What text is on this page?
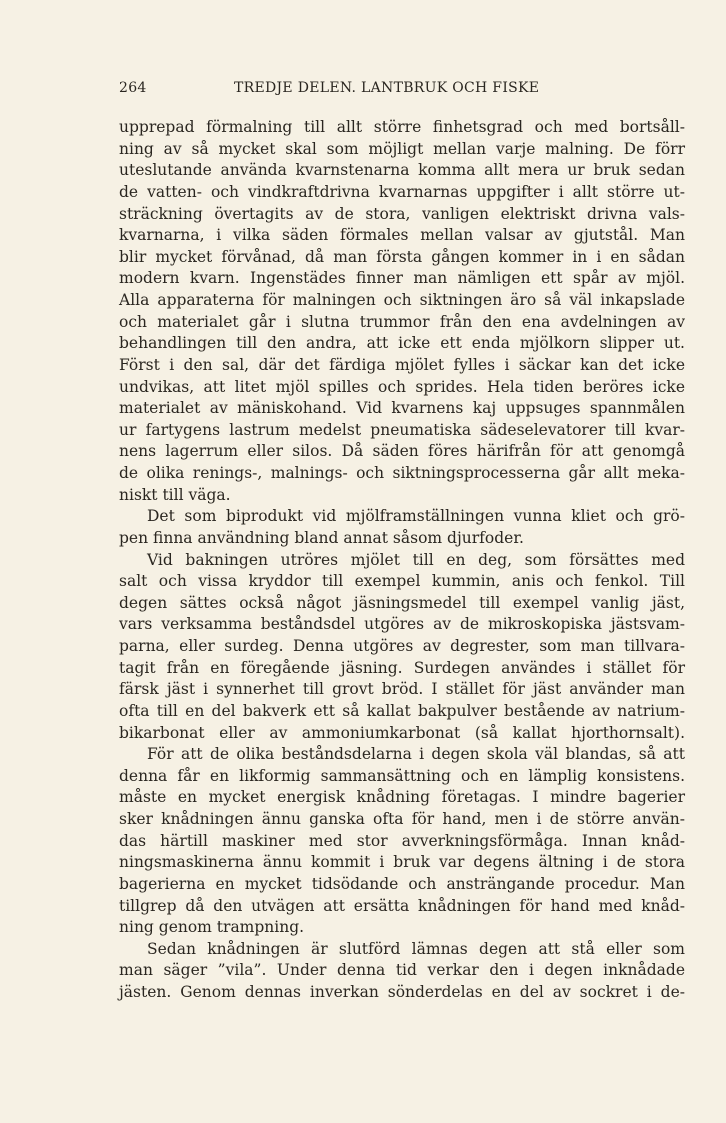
264	TREDJE DELEN. LANTBRUK OCH FISKE
upprepad förmalning till allt större finhetsgrad och med bortsåll-
ning av så mycket skal som möjligt mellan varje malning. De förr
uteslutande använda kvarnstenarna komma allt mera ur bruk sedan
de vatten- och vindkraftdrivna kvarnarnas uppgifter i allt större ut-
sträckning övertagits av de stora, vanligen elektriskt drivna vals-
kvarnarna, i vilka säden förmales mellan valsar av gjutstål. Man
blir mycket förvånad, då man första gången kommer in i en sådan
modern kvarn. Ingenstädes finner man nämligen ett spår av mjöl.
Alla apparaterna för malningen och siktningen äro så väl inkapslade
och materialet går i slutna trummor från den ena avdelningen av
behandlingen till den andra, att icke ett enda mjölkorn slipper ut.
Först i den sal, där det färdiga mjölet fylles i säckar kan det icke
undvikas, att litet mjöl spilles och sprides. Hela tiden beröres icke
materialet av mäniskohand. Vid kvarnens kaj uppsuges spannmålen
ur fartygens lastrum medelst pneumatiska sädeselevatorer till kvar-
nens lagerrum eller silos. Då säden föres härifrån för att genomgå
de olika renings-, malnings- och siktningsprocesserna går allt meka-
niskt till väga.
Det som biprodukt vid mjölframställningen vunna kliet och grö-
pen finna användning bland annat såsom djurfoder.
Vid bakningen utröres mjölet till en deg, som försättes med
salt och vissa kryddor till exempel kummin, anis och fenkol. Till
degen sättes också något jäsningsmedel till exempel vanlig jäst,
vars verksamma beståndsdel utgöres av de mikroskopiska jästsvam-
parna, eller surdeg. Denna utgöres av degrester, som man tillvara-
tagit från en föregående jäsning. Surdegen användes i stället för
färsk jäst i synnerhet till grovt bröd. I stället för jäst använder man
ofta till en del bakverk ett så kallat bakpulver bestående av natrium-
bikarbonat eller av ammoniumkarbonat (så kallat hjorthornsalt).
För att de olika beståndsdelarna i degen skola väl blandas, så att
denna får en likformig sammansättning och en lämplig konsistens.
måste en mycket energisk knådning företagas. I mindre bagerier
sker knådningen ännu ganska ofta för hand, men i de större använ-
das härtill maskiner med stor avverkningsförmåga. Innan knåd-
ningsmaskinerna ännu kommit i bruk var degens ältning i de stora
bagerierna en mycket tidsödande och ansträngande procedur. Man
tillgrep då den utvägen att ersätta knådningen för hand med knåd-
ning genom trampning.
Sedan knådningen är slutförd lämnas degen att stå eller som
man säger ”vila”. Under denna tid verkar den i degen inknådade
jästen. Genom dennas inverkan sönderdelas en del av sockret i de-
